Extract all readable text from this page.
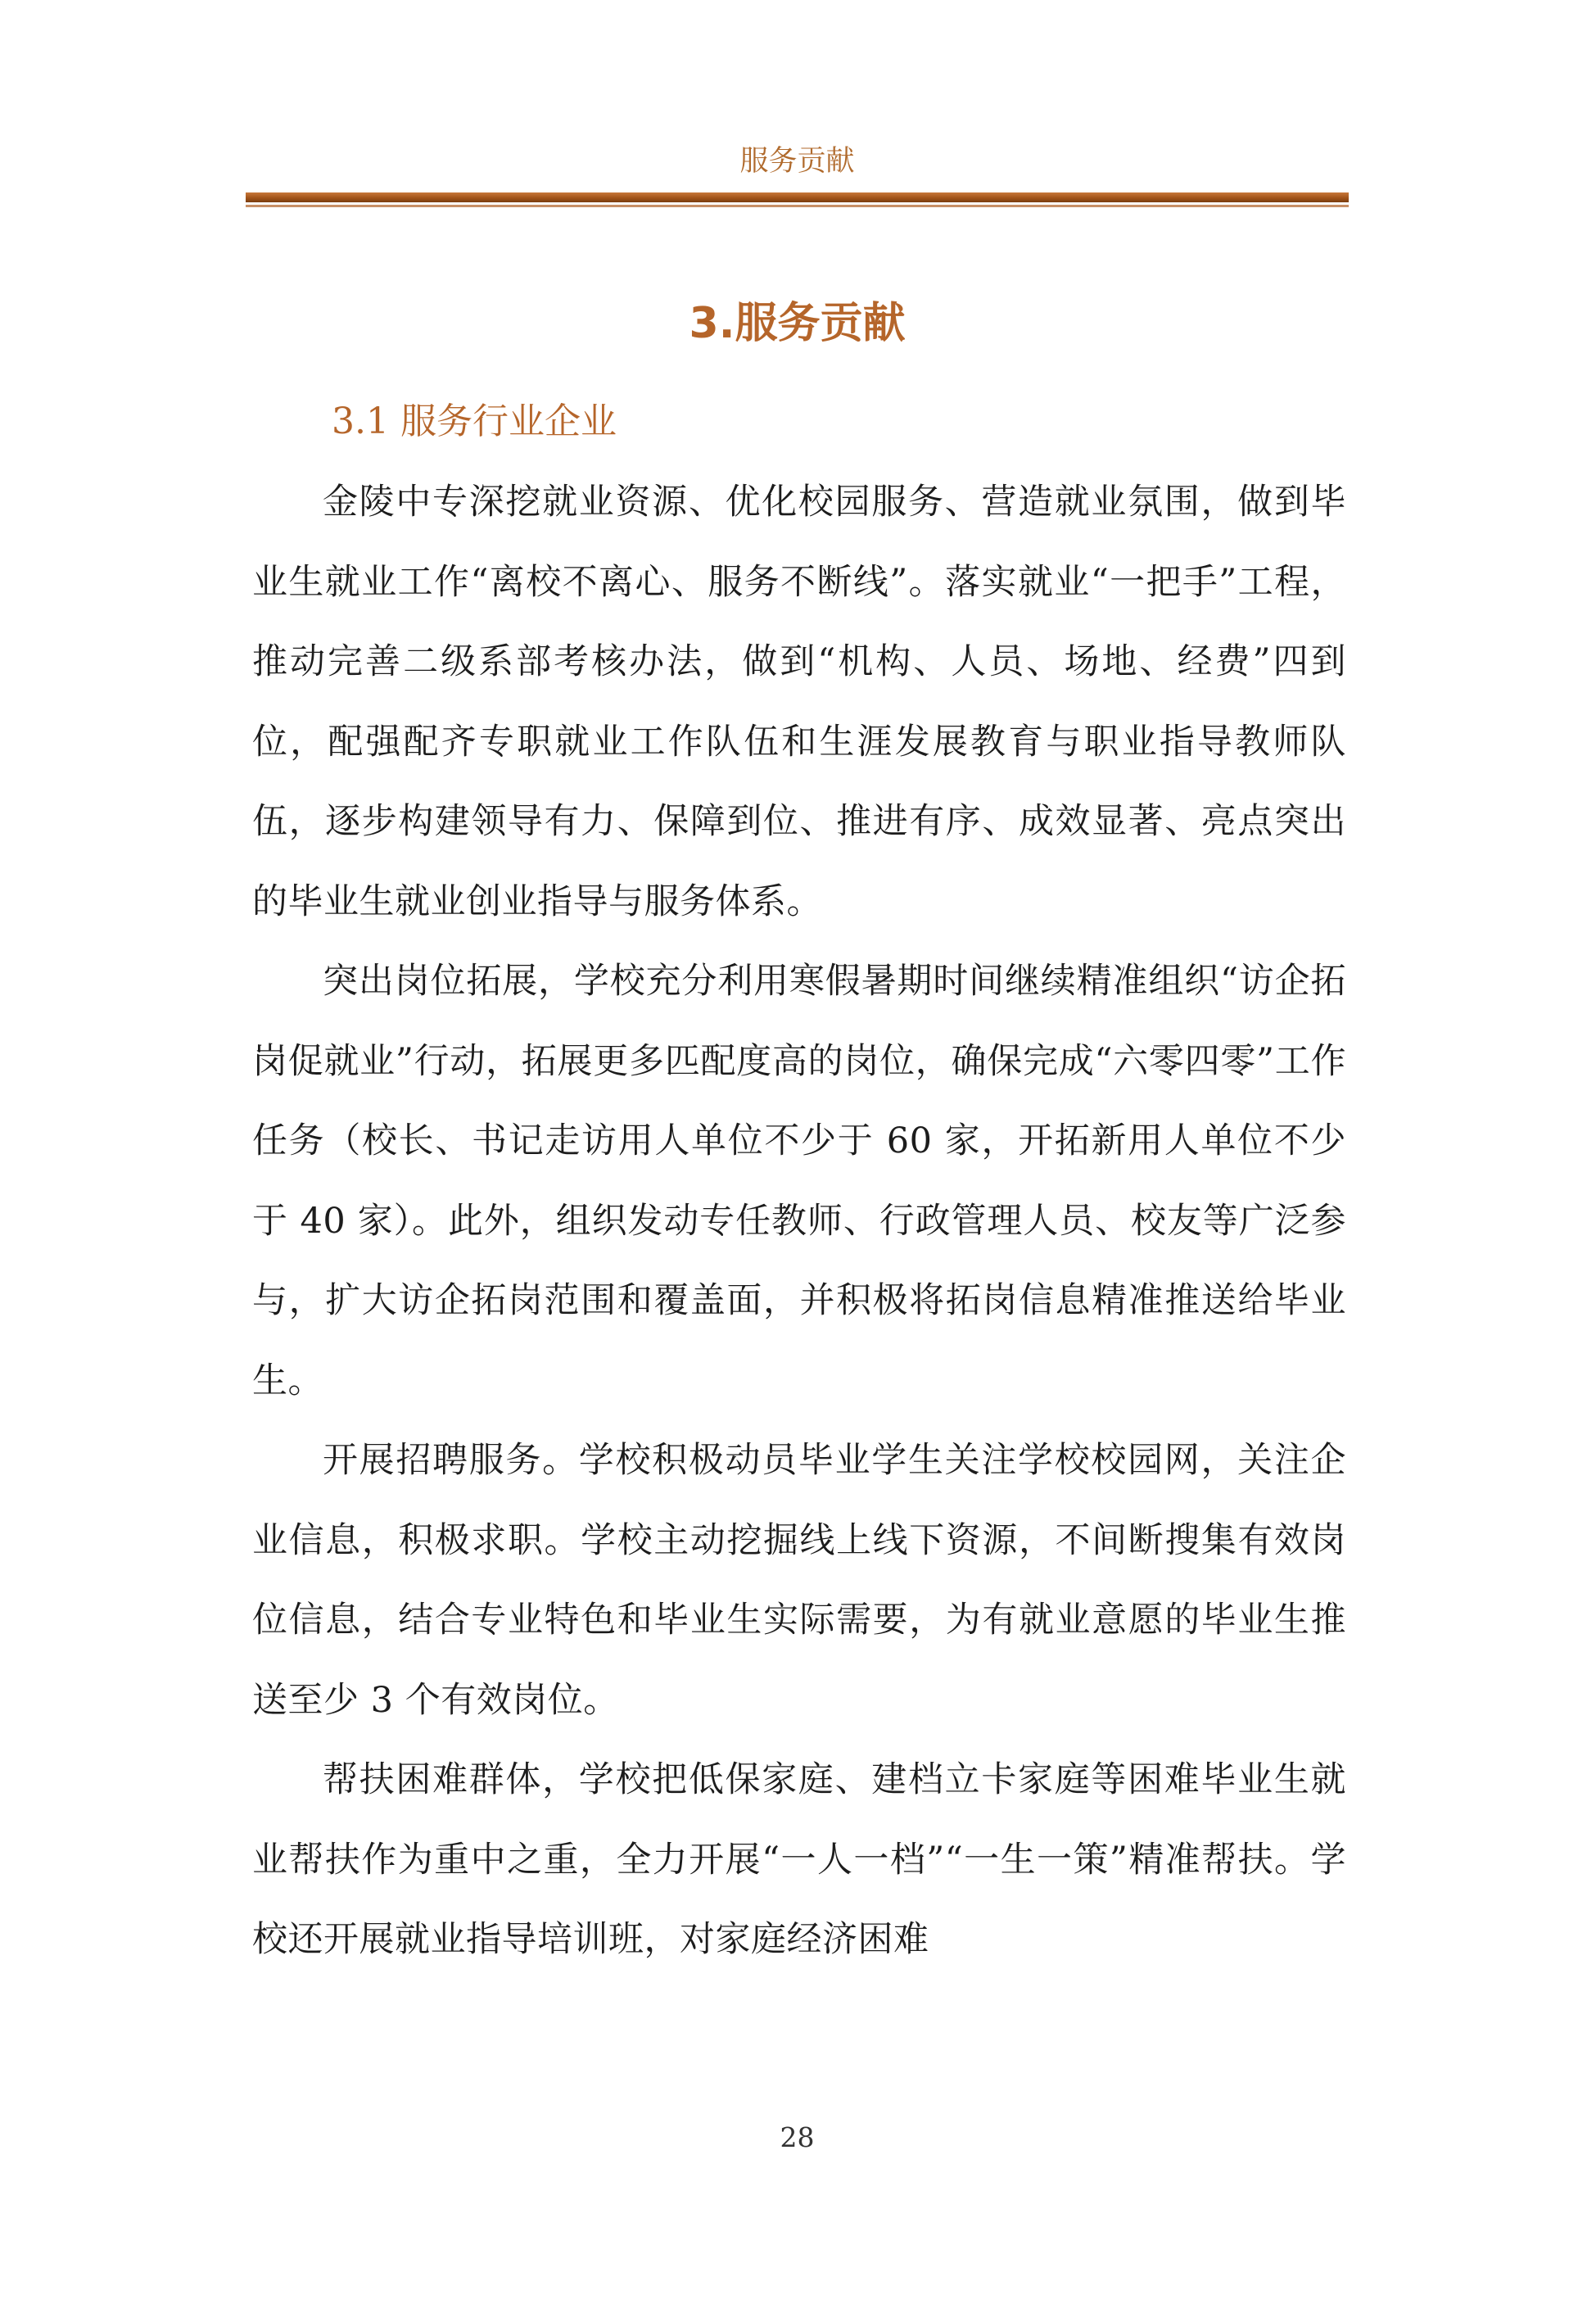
服务贡献
3.服务贡献
3.1 服务行业企业

金陵中专深挖就业资源、优化校园服务、营造就业氛围，做到毕业生就业工作“离校不离心、服务不断线”。落实就业“一把手”工程，推动完善二级系部考核办法，做到“机构、人员、场地、经费”四到位，配强配齐专职就业工作队伍和生涯发展教育与职业指导教师队伍，逐步构建领导有力、保障到位、推进有序、成效显著、亮点突出的毕业生就业创业指导与服务体系。

突出岗位拓展，学校充分利用寒假暑期时间继续精准组织“访企拓岗促就业”行动，拓展更多匹配度高的岗位，确保完成“六零四零”工作任务（校长、书记走访用人单位不少于 60 家，开拓新用人单位不少于 40 家）。此外，组织发动专任教师、行政管理人员、校友等广泛参与，扩大访企拓岗范围和覆盖面，并积极将拓岗信息精准推送给毕业生。

开展招聘服务。学校积极动员毕业学生关注学校校园网，关注企业信息，积极求职。学校主动挖掘线上线下资源，不间断搜集有效岗位信息，结合专业特色和毕业生实际需要，为有就业意愿的毕业生推送至少 3 个有效岗位。

帮扶困难群体，学校把低保家庭、建档立卡家庭等困难毕业生就业帮扶作为重中之重，全力开展“一人一档”“一生一策”精准帮扶。学校还开展就业指导培训班，对家庭经济困难

28
